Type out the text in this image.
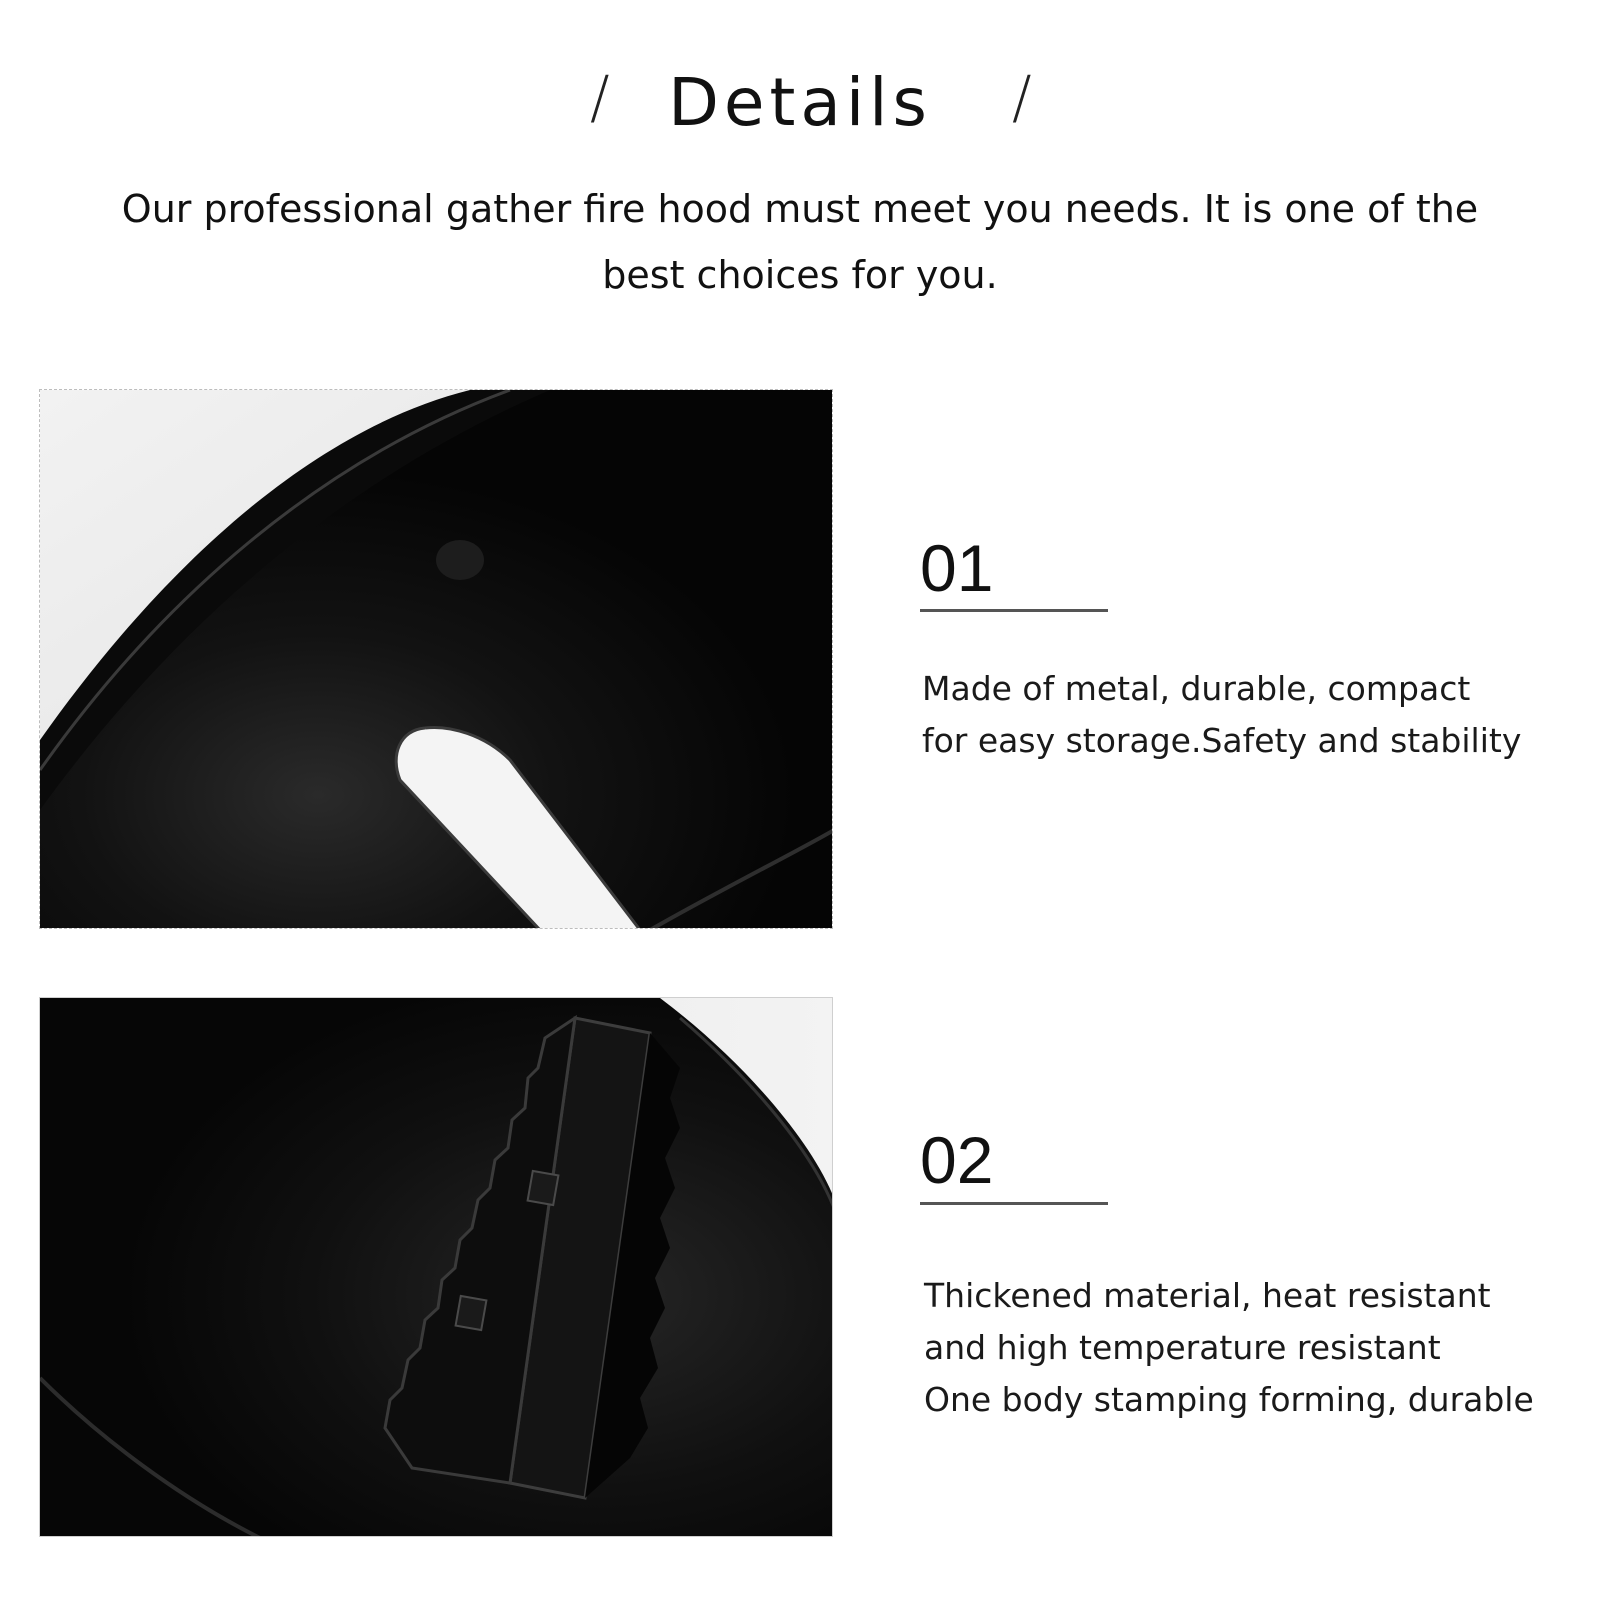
/ Details	/
Our professional gather fire hood must meet you needs. It is one of the best choices for you.
01
Made of metal, durable, compact
for easy storage.Safety and stability
02
Thickened material, heat resistant
and high temperature resistant
One body stamping forming, durable
